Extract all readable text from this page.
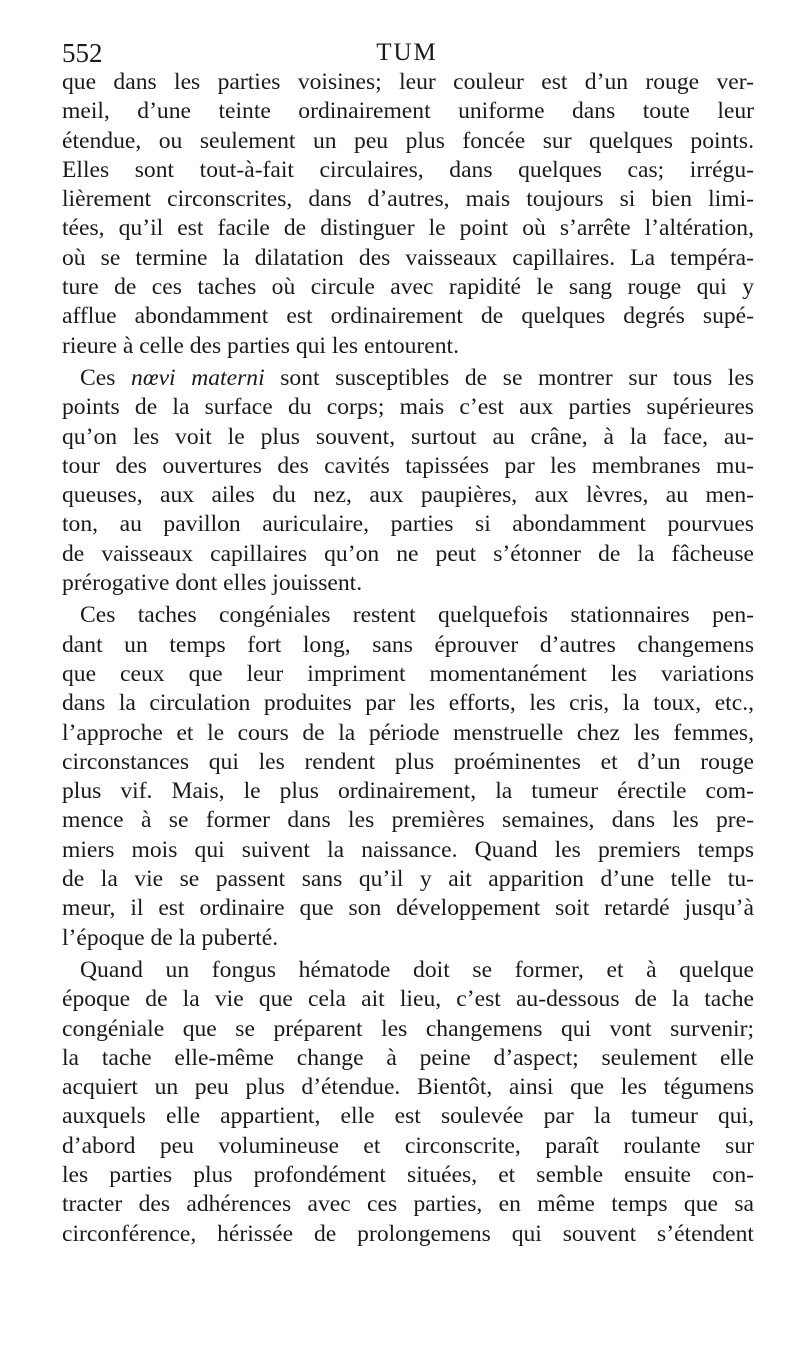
552	TUM
que dans les parties voisines; leur couleur est d’un rouge ver-
meil, d’une teinte ordinairement uniforme dans toute leur
étendue, ou seulement un peu plus foncée sur quelques points.
Elles sont tout-à-fait circulaires, dans quelques cas; irrégu-
lièrement circonscrites, dans d’autres, mais toujours si bien limi-
tées, qu’il est facile de distinguer le point où s’arrête l’altération,
où se termine la dilatation des vaisseaux capillaires. La tempéra-
ture de ces taches où circule avec rapidité le sang rouge qui y
afflue abondamment est ordinairement de quelques degrés supé-
rieure à celle des parties qui les entourent.
Ces nœvi materni sont susceptibles de se montrer sur tous les
points de la surface du corps; mais c’est aux parties supérieures
qu’on les voit le plus souvent, surtout au crâne, à la face, au-
tour des ouvertures des cavités tapissées par les membranes mu-
queuses, aux ailes du nez, aux paupières, aux lèvres, au men-
ton, au pavillon auriculaire, parties si abondamment pourvues
de vaisseaux capillaires qu’on ne peut s’étonner de la fâcheuse
prérogative dont elles jouissent.
Ces taches congéniales restent quelquefois stationnaires pen-
dant un temps fort long, sans éprouver d’autres changemens
que ceux que leur impriment momentanément les variations
dans la circulation produites par les efforts, les cris, la toux, etc.,
l’approche et le cours de la période menstruelle chez les femmes,
circonstances qui les rendent plus proéminentes et d’un rouge
plus vif. Mais, le plus ordinairement, la tumeur érectile com-
mence à se former dans les premières semaines, dans les pre-
miers mois qui suivent la naissance. Quand les premiers temps
de la vie se passent sans qu’il y ait apparition d’une telle tu-
meur, il est ordinaire que son développement soit retardé jusqu’à
l’époque de la puberté.
Quand un fongus hématode doit se former, et à quelque
époque de la vie que cela ait lieu, c’est au-dessous de la tache
congéniale que se préparent les changemens qui vont survenir;
la tache elle-même change à peine d’aspect; seulement elle
acquiert un peu plus d’étendue. Bientôt, ainsi que les tégumens
auxquels elle appartient, elle est soulevée par la tumeur qui,
d’abord peu volumineuse et circonscrite, paraît roulante sur
les parties plus profondément situées, et semble ensuite con-
tracter des adhérences avec ces parties, en même temps que sa
circonférence, hérissée de prolongemens qui souvent s’étendent
